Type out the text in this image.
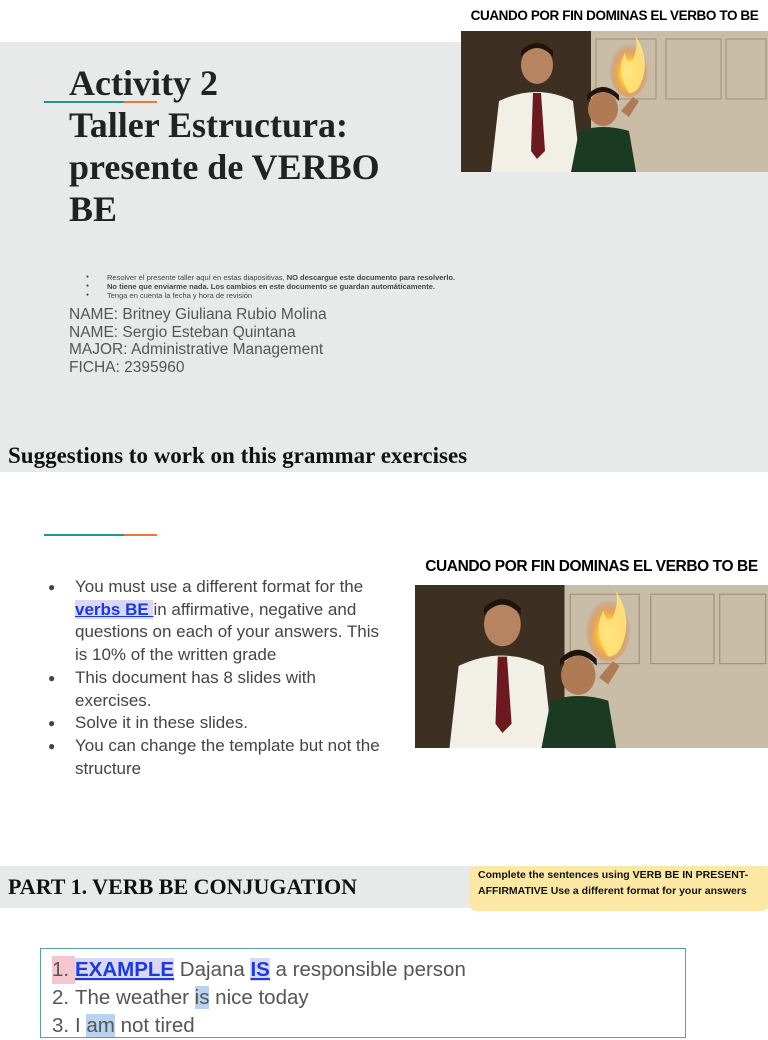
Activity 2
Taller Estructura:
presente de VERBO
BE
CUANDO POR FIN DOMINAS EL VERBO TO BE
● Resolver el presente taller aquí en estas diapositivas, NO descargue este documento para resolverlo.
● No tiene que enviarme nada. Los cambios en este documento se guardan automáticamente.
● Tenga en cuenta la fecha y hora de revisión
NAME: Britney Giuliana Rubio Molina
NAME: Sergio Esteban Quintana
MAJOR: Administrative Management
FICHA: 2395960
Suggestions to work on this grammar exercises
● You must use a different format for the verbs BE in affirmative, negative and questions on each of your answers. This is 10% of the written grade
● This document has 8 slides with exercises.
● Solve it in these slides.
● You can change the template but not the structure
CUANDO POR FIN DOMINAS EL VERBO TO BE
PART 1. VERB BE CONJUGATION	Complete the sentences using VERB BE IN PRESENT- AFFIRMATIVE Use a different format for your answers
1. EXAMPLE Dajana IS a responsible person
2. The weather is nice today
3. I am not tired
